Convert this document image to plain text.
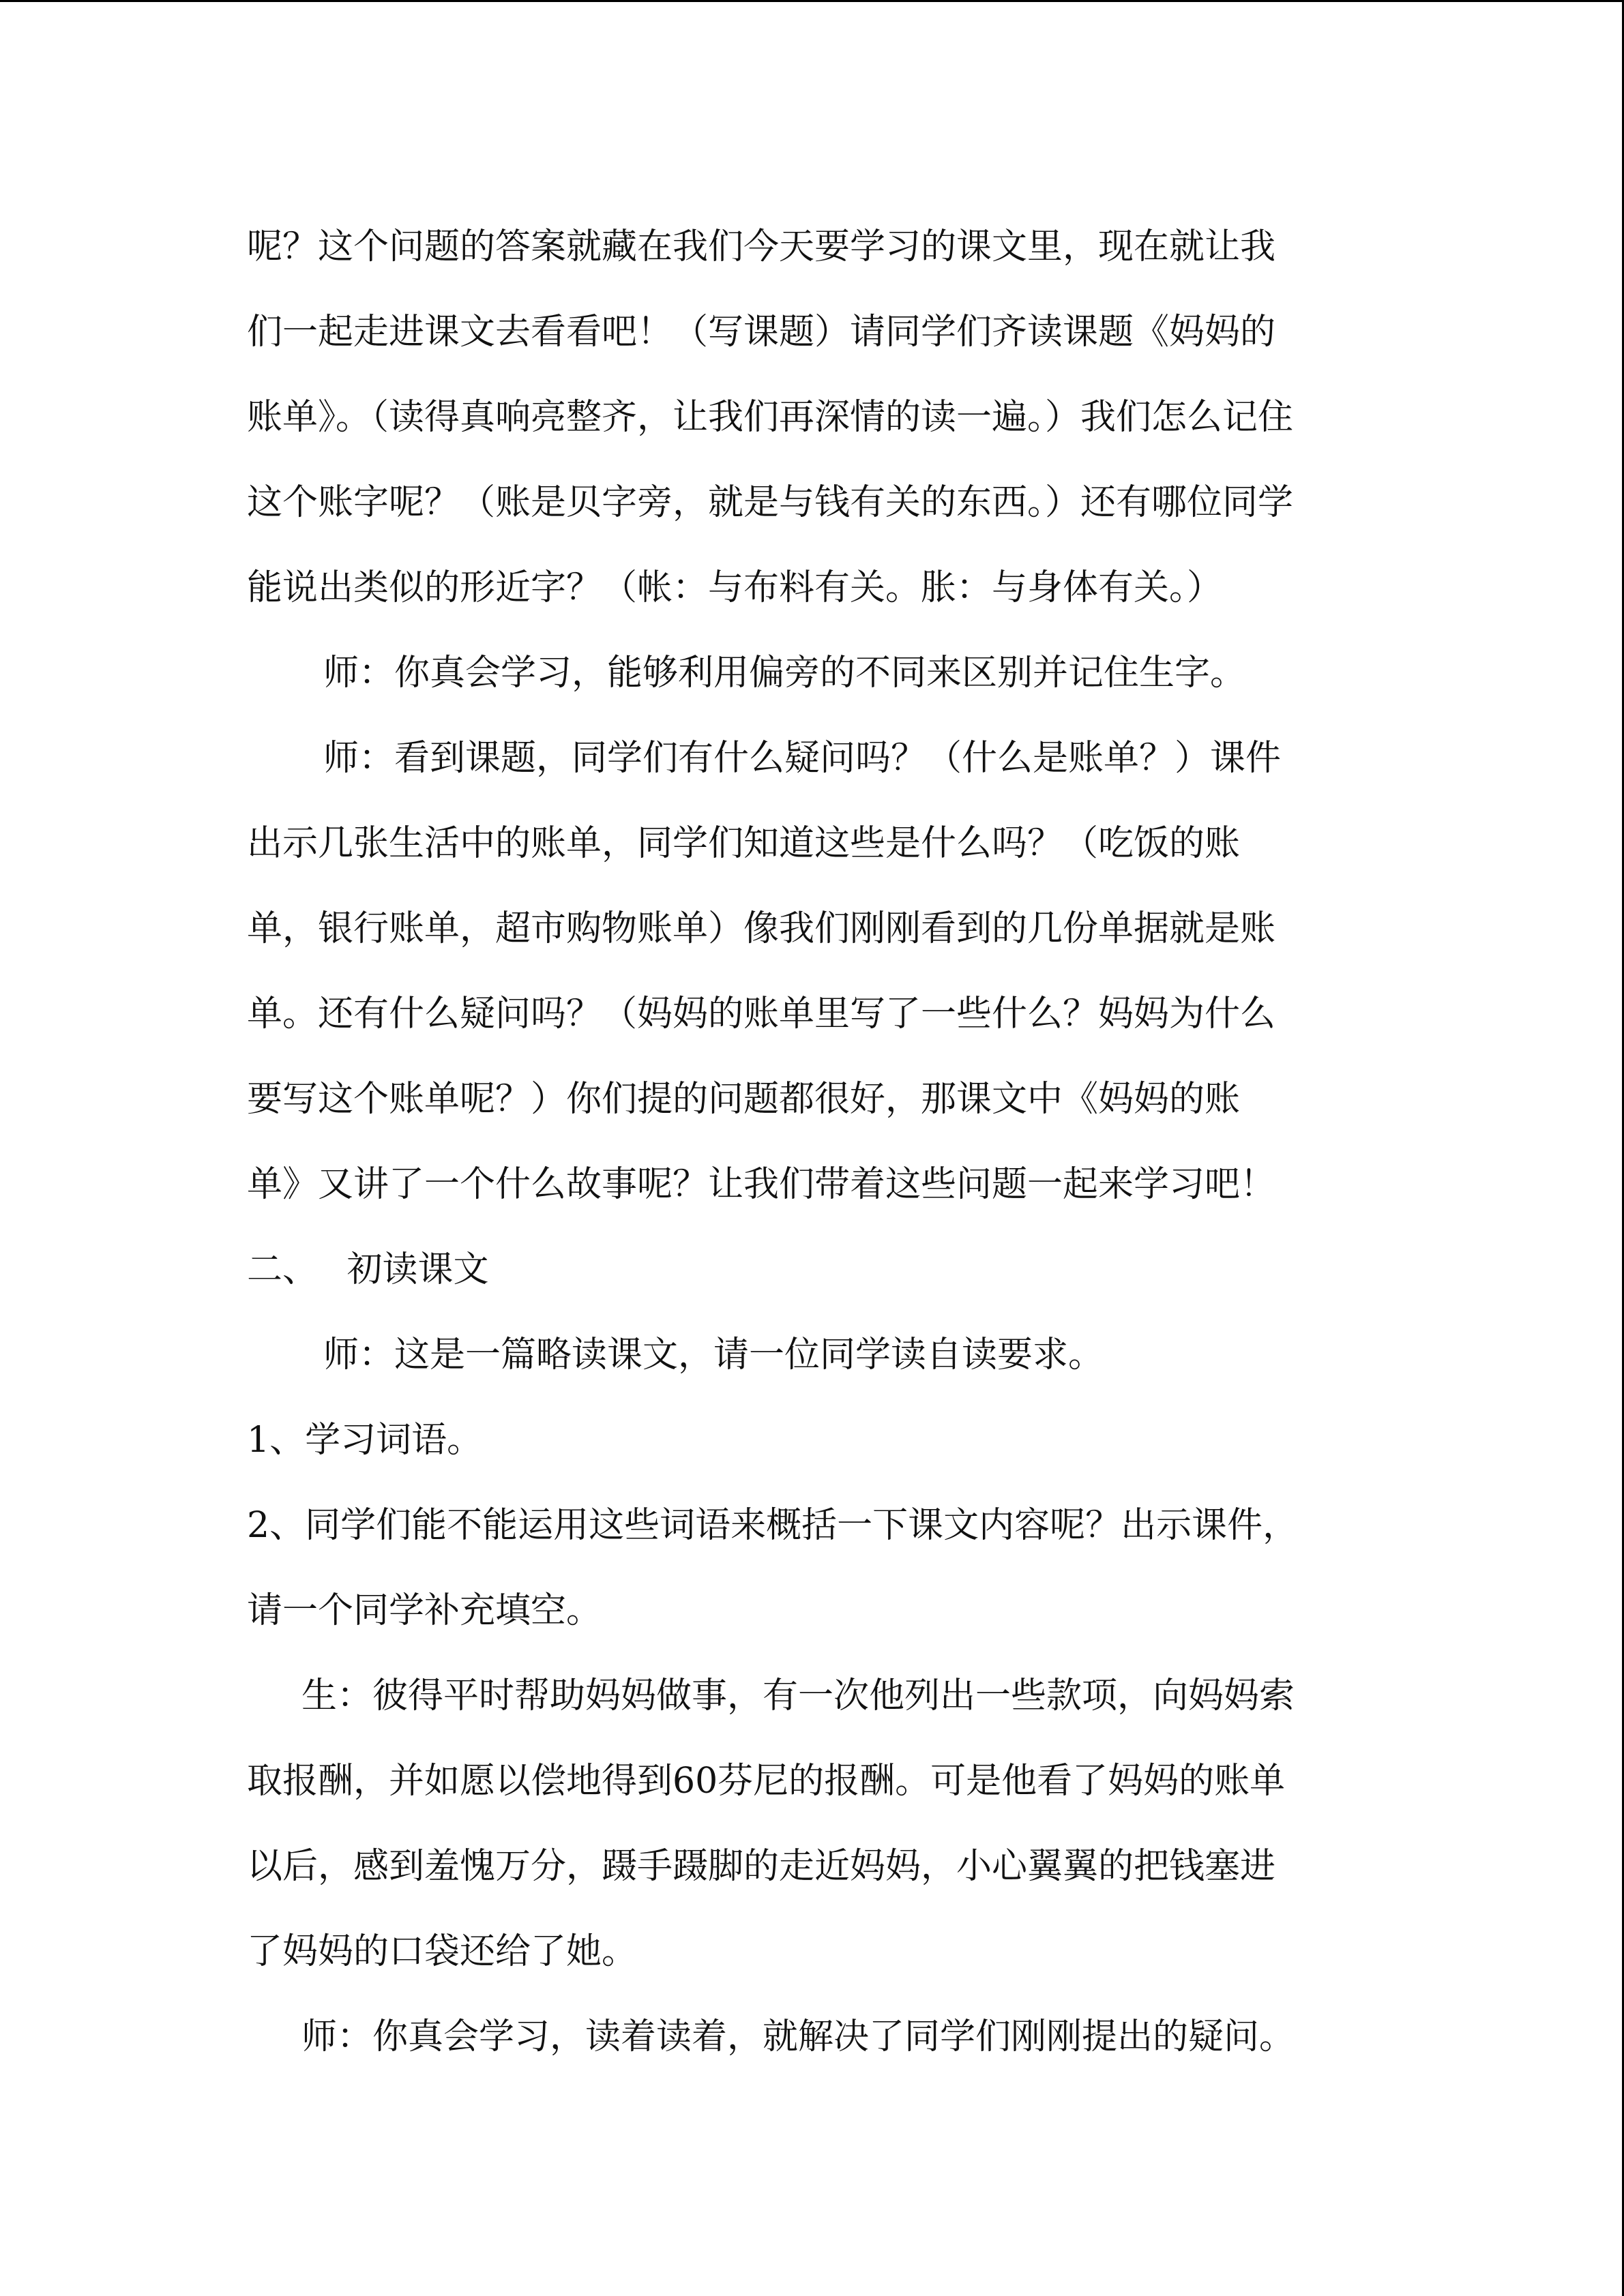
呢？这个问题的答案就藏在我们今天要学习的课文里，现在就让我
们一起走进课文去看看吧！（写课题）请同学们齐读课题《妈妈的
账单》。（读得真响亮整齐，让我们再深情的读一遍。）我们怎么记住
这个账字呢？（账是贝字旁，就是与钱有关的东西。）还有哪位同学
能说出类似的形近字？（帐：与布料有关。胀：与身体有关。）
师：你真会学习，能够利用偏旁的不同来区别并记住生字。
师：看到课题，同学们有什么疑问吗？（什么是账单？）课件
出示几张生活中的账单，同学们知道这些是什么吗？（吃饭的账
单，银行账单，超市购物账单）像我们刚刚看到的几份单据就是账
单。还有什么疑问吗？（妈妈的账单里写了一些什么？妈妈为什么
要写这个账单呢？）你们提的问题都很好，那课文中《妈妈的账
单》又讲了一个什么故事呢？让我们带着这些问题一起来学习吧！
二、　 初读课文
师：这是一篇略读课文，请一位同学读自读要求。
1、学习词语。
2、同学们能不能运用这些词语来概括一下课文内容呢？出示课件，
请一个同学补充填空。
生：彼得平时帮助妈妈做事，有一次他列出一些款项，向妈妈索
取报酬，并如愿以偿地得到60芬尼的报酬。可是他看了妈妈的账单
以后，感到羞愧万分，蹑手蹑脚的走近妈妈，小心翼翼的把钱塞进
了妈妈的口袋还给了她。
师：你真会学习，读着读着，就解决了同学们刚刚提出的疑问。
